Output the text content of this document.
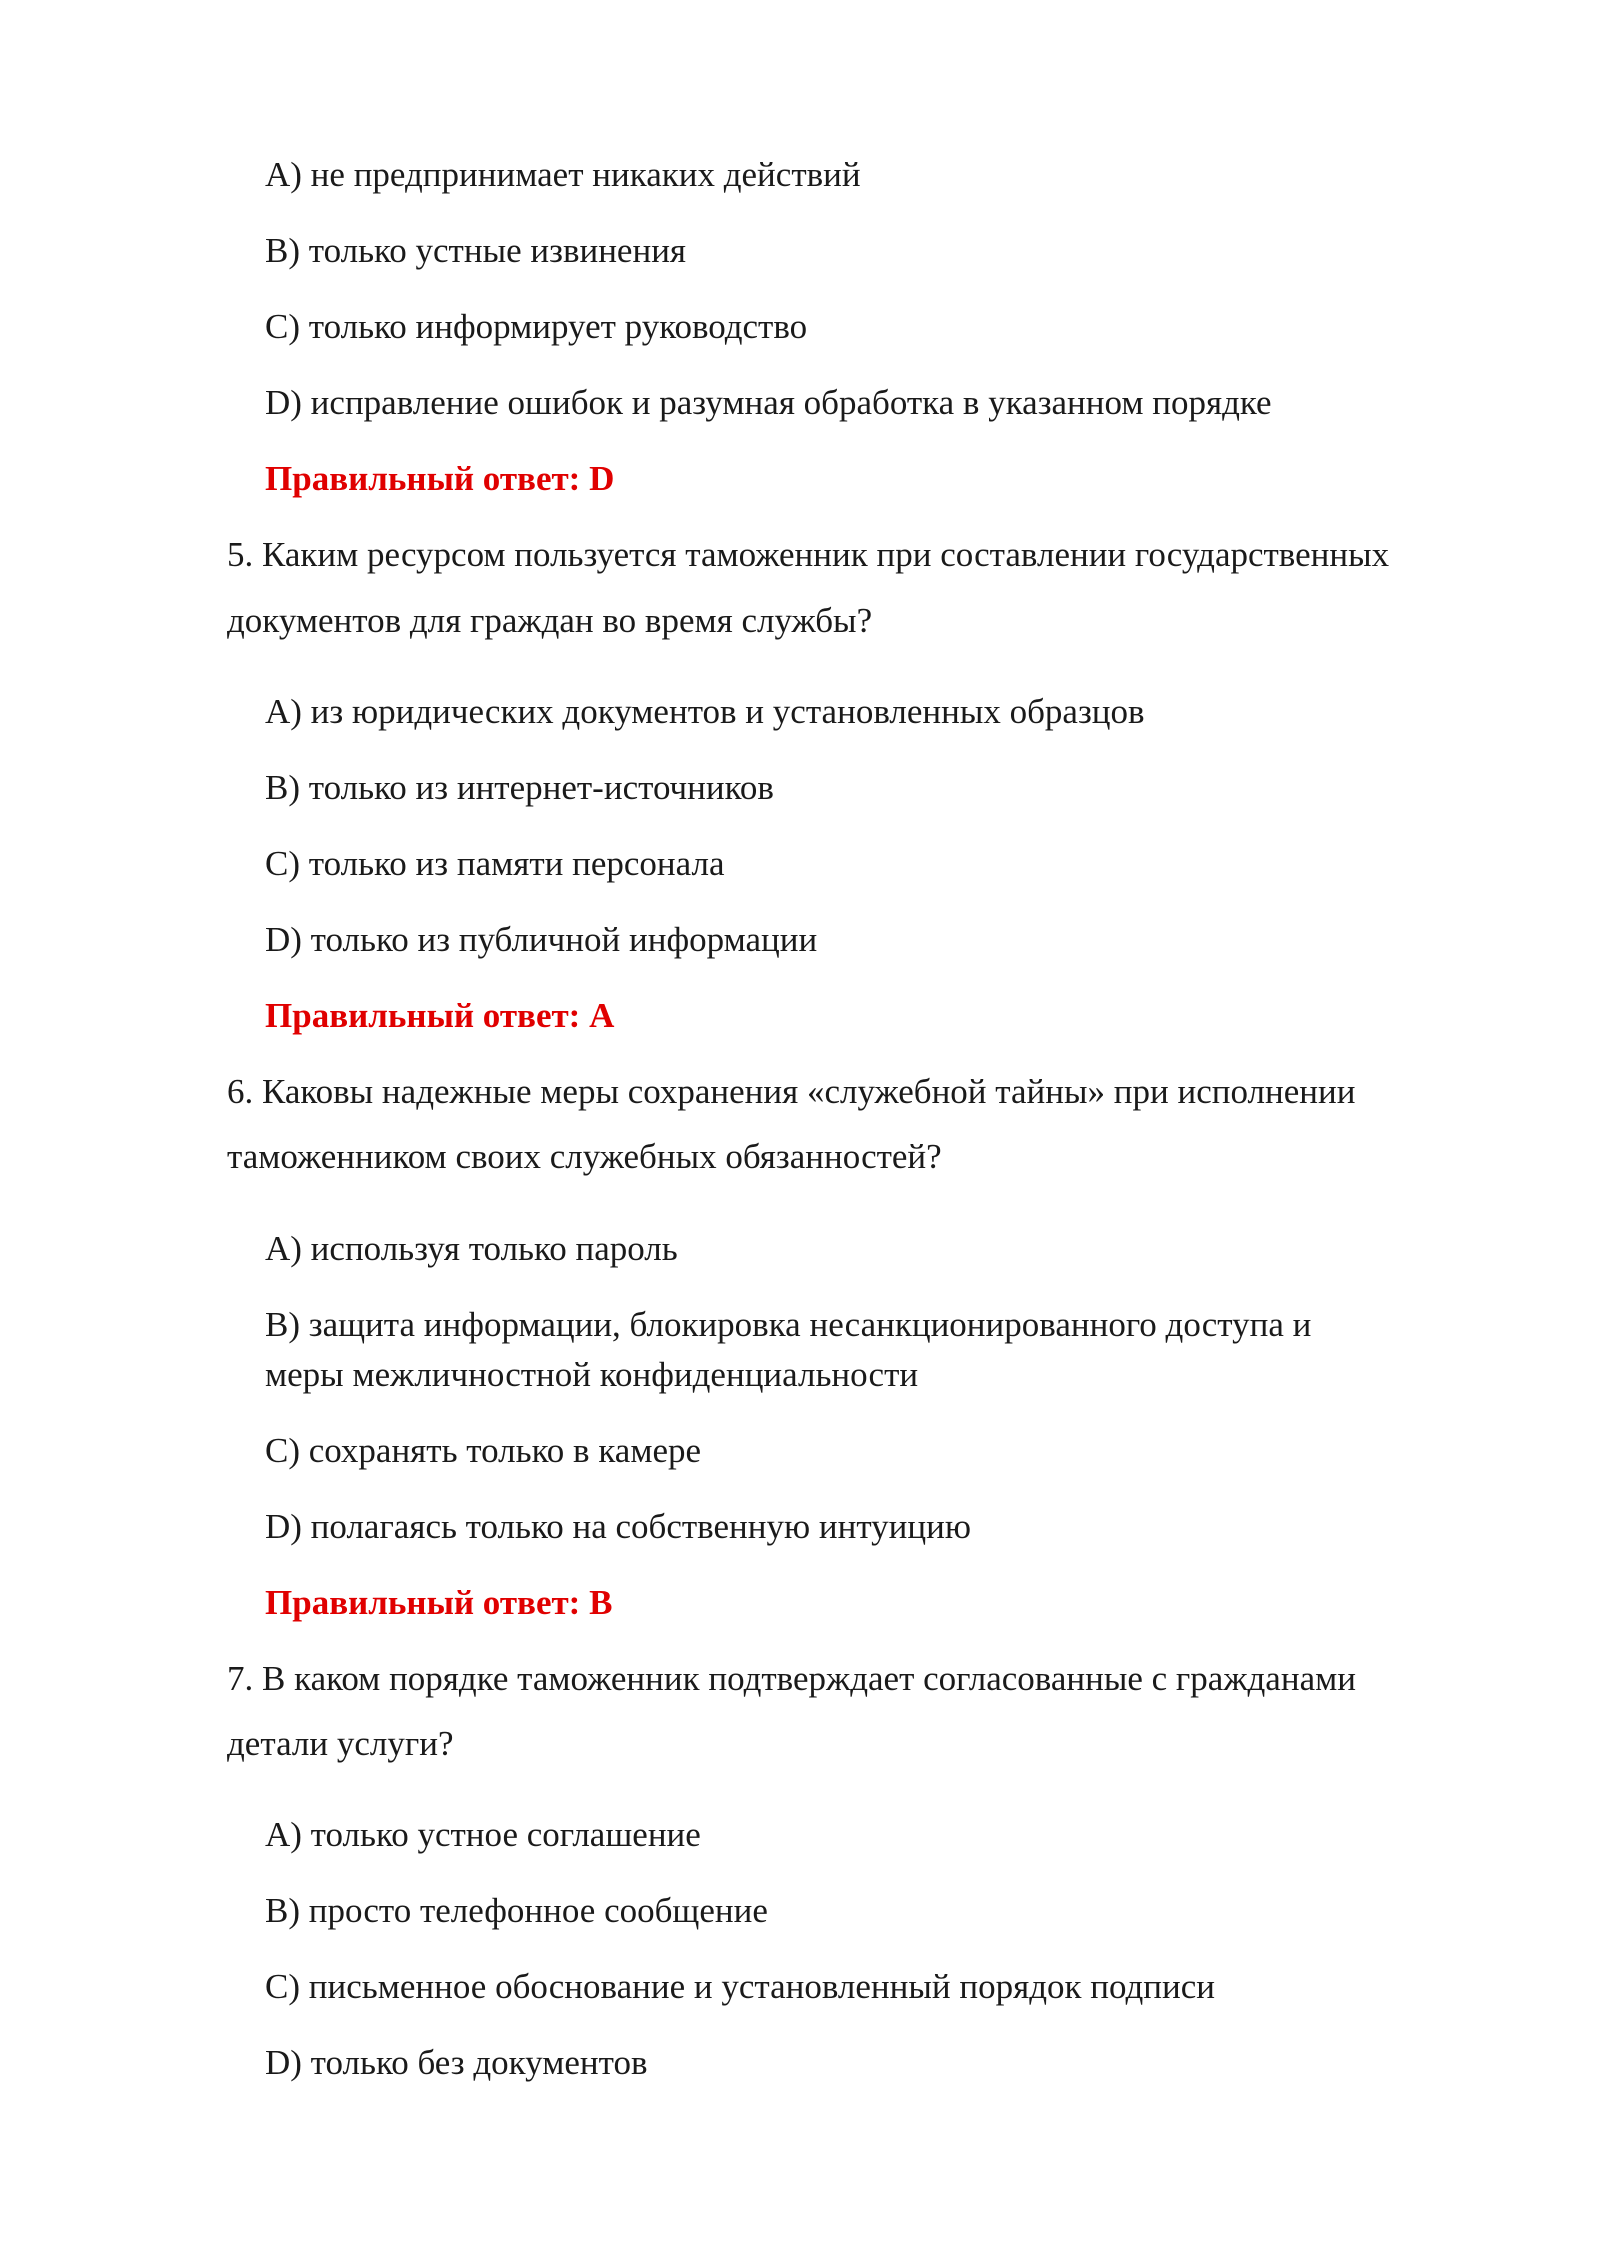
A) не предпринимает никаких действий
B) только устные извинения
C) только информирует руководство
D) исправление ошибок и разумная обработка в указанном порядке
Правильный ответ: D
5. Каким ресурсом пользуется таможенник при составлении государственных
документов для граждан во время службы?
A) из юридических документов и установленных образцов
B) только из интернет-источников
C) только из памяти персонала
D) только из публичной информации
Правильный ответ: A
6. Каковы надежные меры сохранения «служебной тайны» при исполнении
таможенником своих служебных обязанностей?
A) используя только пароль
B) защита информации, блокировка несанкционированного доступа и
меры межличностной конфиденциальности
C) сохранять только в камере
D) полагаясь только на собственную интуицию
Правильный ответ: B
7. В каком порядке таможенник подтверждает согласованные с гражданами
детали услуги?
A) только устное соглашение
B) просто телефонное сообщение
C) письменное обоснование и установленный порядок подписи
D) только без документов
